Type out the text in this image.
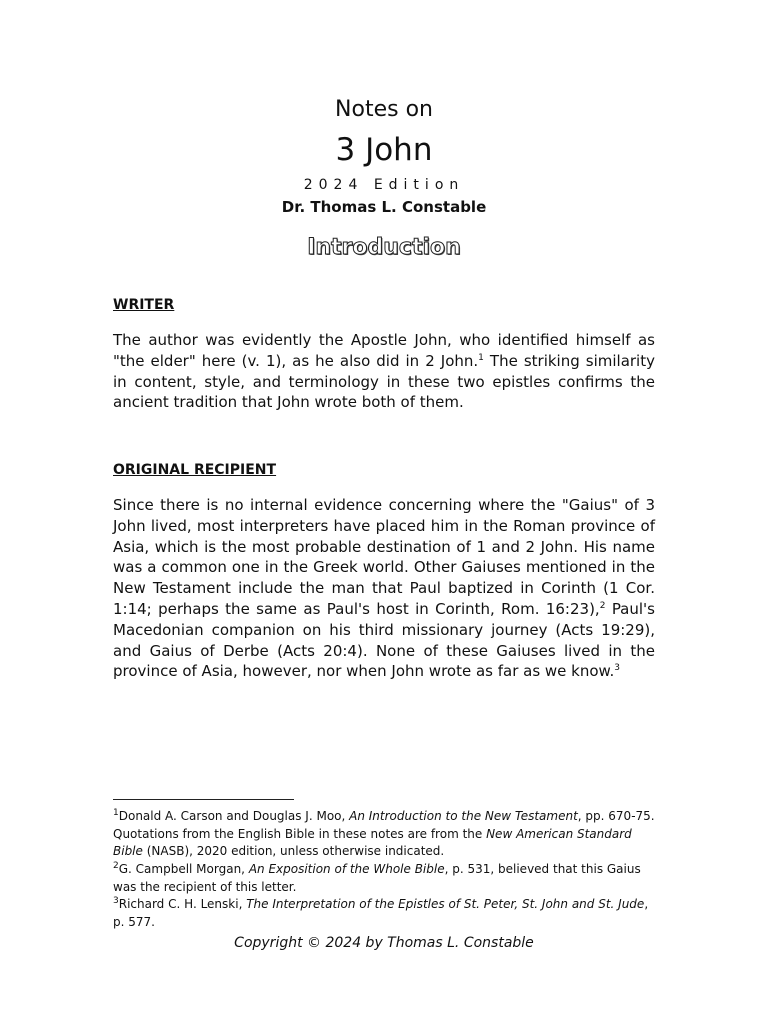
Notes on
3 John
2024 Edition
Dr. Thomas L. Constable
Introduction
WRITER
The author was evidently the Apostle John, who identified himself as "the elder" here (v. 1), as he also did in 2 John.$^1$ The striking similarity in content, style, and terminology in these two epistles confirms the ancient tradition that John wrote both of them.
ORIGINAL RECIPIENT
Since there is no internal evidence concerning where the "Gaius" of 3 John lived, most interpreters have placed him in the Roman province of Asia, which is the most probable destination of 1 and 2 John. His name was a common one in the Greek world. Other Gaiuses mentioned in the New Testament include the man that Paul baptized in Corinth (1 Cor. 1:14; perhaps the same as Paul's host in Corinth, Rom. 16:23),$^2$ Paul's Macedonian companion on his third missionary journey (Acts 19:29), and Gaius of Derbe (Acts 20:4). None of these Gaiuses lived in the province of Asia, however, nor when John wrote as far as we know.$^3$
$^1$Donald A. Carson and Douglas J. Moo, An Introduction to the New Testament, pp. 670-75. Quotations from the English Bible in these notes are from the New American Standard Bible (NASB), 2020 edition, unless otherwise indicated.
$^2$G. Campbell Morgan, An Exposition of the Whole Bible, p. 531, believed that this Gaius was the recipient of this letter.
$^3$Richard C. H. Lenski, The Interpretation of the Epistles of St. Peter, St. John and St. Jude, p. 577.
Copyright © 2024 by Thomas L. Constable
